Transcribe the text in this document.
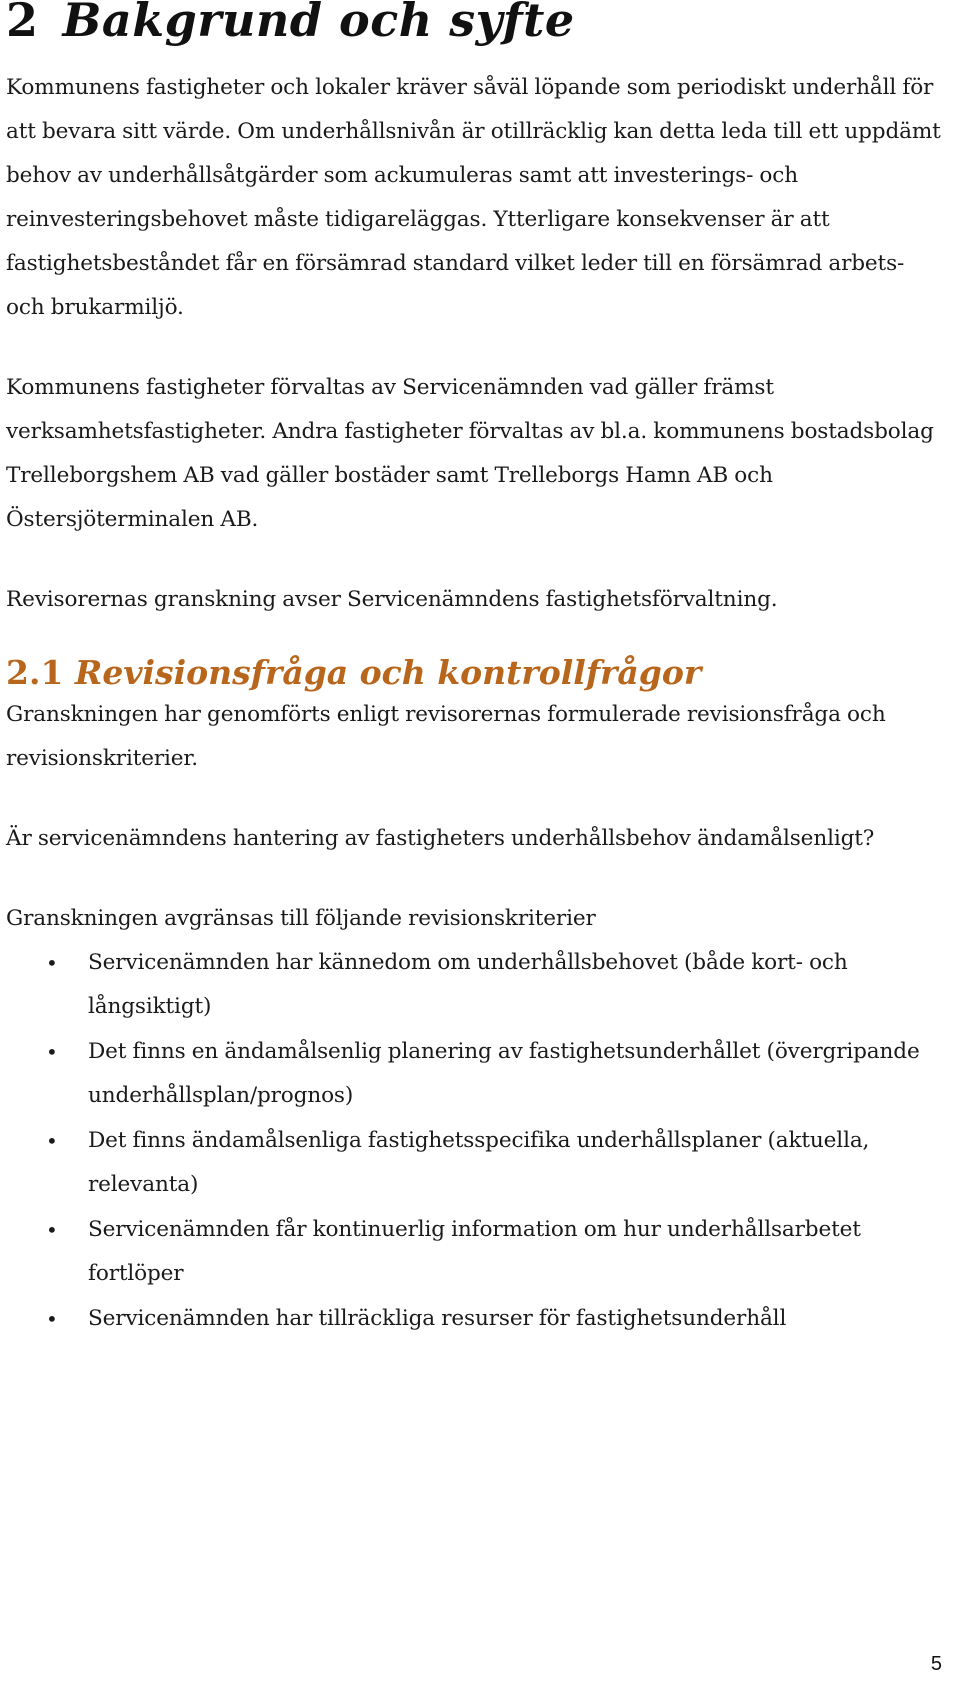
2 Bakgrund och syfte

Kommunens fastigheter och lokaler kräver såväl löpande som periodiskt underhåll för att bevara sitt värde. Om underhållsnivån är otillräcklig kan detta leda till ett uppdämt behov av underhållsåtgärder som ackumuleras samt att investerings- och reinvesteringsbehovet måste tidigareläggas. Ytterligare konsekvenser är att fastighetsbeståndet får en försämrad standard vilket leder till en försämrad arbets- och brukarmiljö.

Kommunens fastigheter förvaltas av Servicenämnden vad gäller främst verksamhetsfastigheter. Andra fastigheter förvaltas av bl.a. kommunens bostadsbolag Trelleborgshem AB vad gäller bostäder samt Trelleborgs Hamn AB och Östersjöterminalen AB.

Revisorernas granskning avser Servicenämndens fastighetsförvaltning.

2.1 Revisionsfråga och kontrollfrågor

Granskningen har genomförts enligt revisorernas formulerade revisionsfråga och revisionskriterier.

Är servicenämndens hantering av fastigheters underhållsbehov ändamålsenligt?

Granskningen avgränsas till följande revisionskriterier

• Servicenämnden har kännedom om underhållsbehovet (både kort- och långsiktigt)
• Det finns en ändamålsenlig planering av fastighetsunderhållet (övergripande underhållsplan/prognos)
• Det finns ändamålsenliga fastighetsspecifika underhållsplaner (aktuella, relevanta)
• Servicenämnden får kontinuerlig information om hur underhållsarbetet fortlöper
• Servicenämnden har tillräckliga resurser för fastighetsunderhåll
5
